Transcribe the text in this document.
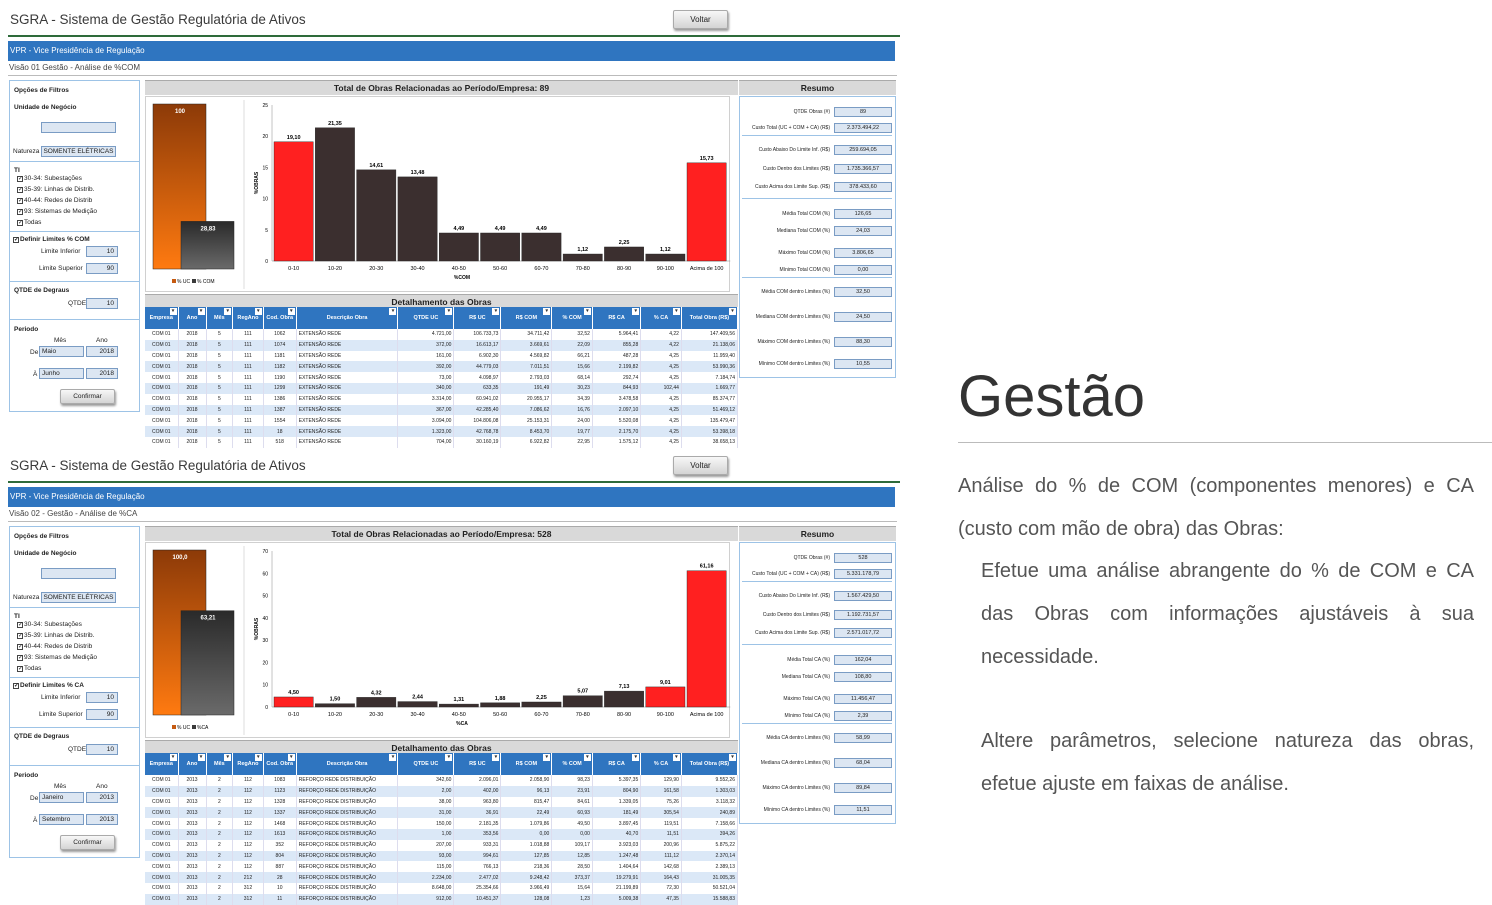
SGRA - Sistema de Gestão Regulatória de Ativos	Voltar
VPR - Vice Presidência de Regulação
Visão 01 Gestão - Análise de %COM
Opções de Filtros
Unidade de Negócio
Natureza SOMENTE ELÉTRICAS
TI
✓ 30-34: Subestações
✓ 35-39: Linhas de Distrib.
✓ 40-44: Redes de Distrib
✓ 93: Sistemas de Medição
✓ Todas
✓ Definir Limites % COM
Limite Inferior	10
Limite Superior	90
QTDE de Degraus
QTDE	10
Periodo
Mês	Ano
De Maio	2018
À Junho	2018
Confirmar
Total de Obras Relacionadas ao Período/Empresa: 89	Resumo
100
28,83
% UC % COM
0
5
10
15
20
25
%OBRAS
19,10
0-10
21,35
10-20
14,61
20-30
13,48
30-40
4,49
40-50
4,49
50-60
4,49
60-70
1,12
70-80
2,25
80-90
1,12
90-100
15,73
Acima de 100
%COM
QTDE Obras (#)	89
Custo Total (UC + COM + CA) (R$)	2.373.494,22
Custo Abaixo Do Limite Inf. (R$)	259.694,05
Custo Dentro dos Limites (R$)	1.735.366,57
Custo Acima dos Limite Sup. (R$)	378.433,60
Média Total COM (%)	126,65
Mediana Total COM (%)	24,03
Máximo Total COM (%)	3.806,65
Mínimo Total COM (%)	0,00
Média COM dentro Limites (%)	32,50
Mediana COM dentro Limites (%)	24,50
Máximo COM dentro Limites (%)	88,30
Mínimo COM dentro Limites (%)	10,55
Detalhamento das Obras
Empresa
▾	Ano
▾	Mês
▾	RegAno
▾	Cod. Obra
▾	Descrição Obra
▾	QTDE UC
▾	R$ UC
▾	R$ COM
▾	% COM
▾	R$ CA
▾	% CA
▾	Total Obra (R$)
▾

COM 01	2018	5	111	1062	EXTENSÃO REDE	4.721,00	106.733,73	34.711,42	32,52	5.964,41	4,22	147.409,56
COM 01	2018	5	111	1074	EXTENSÃO REDE	372,00	16.613,17	3.669,61	22,09	855,28	4,22	21.138,06
COM 01	2018	5	111	1181	EXTENSÃO REDE	161,00	6.902,30	4.569,82	66,21	487,28	4,25	11.959,40
COM 01	2018	5	111	1182	EXTENSÃO REDE	392,00	44.779,03	7.011,51	15,66	2.199,82	4,25	53.990,36
COM 01	2018	5	111	1190	EXTENSÃO REDE	73,00	4.098,97	2.793,03	68,14	292,74	4,25	7.184,74
COM 01	2018	5	111	1299	EXTENSÃO REDE	340,00	633,35	191,49	30,23	844,93	102,44	1.669,77
COM 01	2018	5	111	1386	EXTENSÃO REDE	3.314,00	60.941,02	20.955,17	34,39	3.478,58	4,25	85.374,77
COM 01	2018	5	111	1387	EXTENSÃO REDE	367,00	42.285,40	7.086,62	16,76	2.097,10	4,25	51.469,12
COM 01	2018	5	111	1554	EXTENSÃO REDE	3.094,00	104.806,08	25.153,31	24,00	5.520,08	4,25	135.479,47
COM 01	2018	5	111	18	EXTENSÃO REDE	1.323,00	42.768,78	8.453,70	19,77	2.175,70	4,25	53.398,18
COM 01	2018	5	111	518	EXTENSÃO REDE	704,00	30.160,19	6.922,82	22,95	1.575,12	4,25	38.658,13
SGRA - Sistema de Gestão Regulatória de Ativos	Voltar
VPR - Vice Presidência de Regulação
Visão 02 - Gestão - Análise de %CA
Opções de Filtros
Unidade de Negócio
Natureza SOMENTE ELÉTRICAS
TI
✓ 30-34: Subestações
✓ 35-39: Linhas de Distrib.
✓ 40-44: Redes de Distrib
✓ 93: Sistemas de Medição
✓ Todas
✓ Definir Limites % CA
Limite Inferior	10
Limite Superior	90
QTDE de Degraus
QTDE	10
Periodo
Mês	Ano
De Janeiro	2013
À Setembro	2013
Confirmar
Total de Obras Relacionadas ao Período/Empresa: 528	Resumo
100,0
63,21
% UC %CA
0
10
20
30
40
50
60
70
%OBRAS
4,50
0-10
1,50
10-20
4,32
20-30
2,44
30-40
1,31
40-50
1,88
50-60
2,25
60-70
5,07
70-80
7,13
80-90
9,01
90-100
61,16
Acima de 100
%CA
QTDE Obras (#)	528
Custo Total (UC + COM + CA) (R$)	5.331.178,79
Custo Abaixo Do Limite Inf. (R$)	1.567.429,50
Custo Dentro dos Limites (R$)	1.192.731,57
Custo Acima dos Limite Sup. (R$)	2.571.017,72
Média Total CA (%)	162,04
Mediana Total CA (%)	108,80
Máximo Total CA (%)	11.456,47
Mínimo Total CA (%)	2,39
Média CA dentro Limites (%)	58,99
Mediana CA dentro Limites (%)	68,04
Máximo CA dentro Limites (%)	89,84
Mínimo CA dentro Limites (%)	11,51
Detalhamento das Obras
Empresa
▾	Ano
▾	Mês
▾	RegAno
▾	Cod. Obra
▾	Descrição Obra
▾	QTDE UC
▾	R$ UC
▾	R$ COM
▾	% COM
▾	R$ CA
▾	% CA
▾	Total Obra (R$)
▾

COM 01	2013	2	112	1083	REFORÇO REDE DISTRIBUIÇÃO	342,60	2.096,01	2.058,90	98,23	5.397,35	129,90	9.552,26
COM 01	2013	2	112	1123	REFORÇO REDE DISTRIBUIÇÃO	2,00	402,00	96,13	23,91	804,90	161,58	1.303,03
COM 01	2013	2	112	1328	REFORÇO REDE DISTRIBUIÇÃO	38,00	963,80	815,47	84,61	1.339,05	75,26	3.118,32
COM 01	2013	2	112	1337	REFORÇO REDE DISTRIBUIÇÃO	31,00	36,91	22,49	60,93	181,49	305,54	240,89
COM 01	2013	2	112	1468	REFORÇO REDE DISTRIBUIÇÃO	150,00	2.181,35	1.079,86	49,50	3.897,45	119,51	7.158,66
COM 01	2013	2	112	1613	REFORÇO REDE DISTRIBUIÇÃO	1,00	353,56	0,00	0,00	40,70	11,51	394,26
COM 01	2013	2	112	352	REFORÇO REDE DISTRIBUIÇÃO	207,00	933,31	1.018,88	109,17	3.923,03	200,96	5.875,22
COM 01	2013	2	112	804	REFORÇO REDE DISTRIBUIÇÃO	93,00	994,61	127,85	12,85	1.247,48	111,12	2.370,14
COM 01	2013	2	112	887	REFORÇO REDE DISTRIBUIÇÃO	115,00	766,13	218,36	28,50	1.404,64	142,68	2.389,13
COM 01	2013	2	212	28	REFORÇO REDE DISTRIBUIÇÃO	2.234,00	2.477,02	9.248,42	373,37	19.279,91	164,43	31.005,35
COM 01	2013	2	312	10	REFORÇO REDE DISTRIBUIÇÃO	8.648,00	25.354,66	3.966,49	15,64	21.199,89	72,30	50.521,04
COM 01	2013	2	312	11	REFORÇO REDE DISTRIBUIÇÃO	912,00	10.451,37	128,08	1,23	5.009,38	47,35	15.588,83
Gestão
Análise do % de COM (componentes menores) e CA (custo com mão de obra) das Obras:
Efetue uma análise abrangente do % de COM e CA das Obras com informações ajustáveis à sua necessidade.
Altere parâmetros, selecione natureza das obras, efetue ajuste em faixas de análise.
